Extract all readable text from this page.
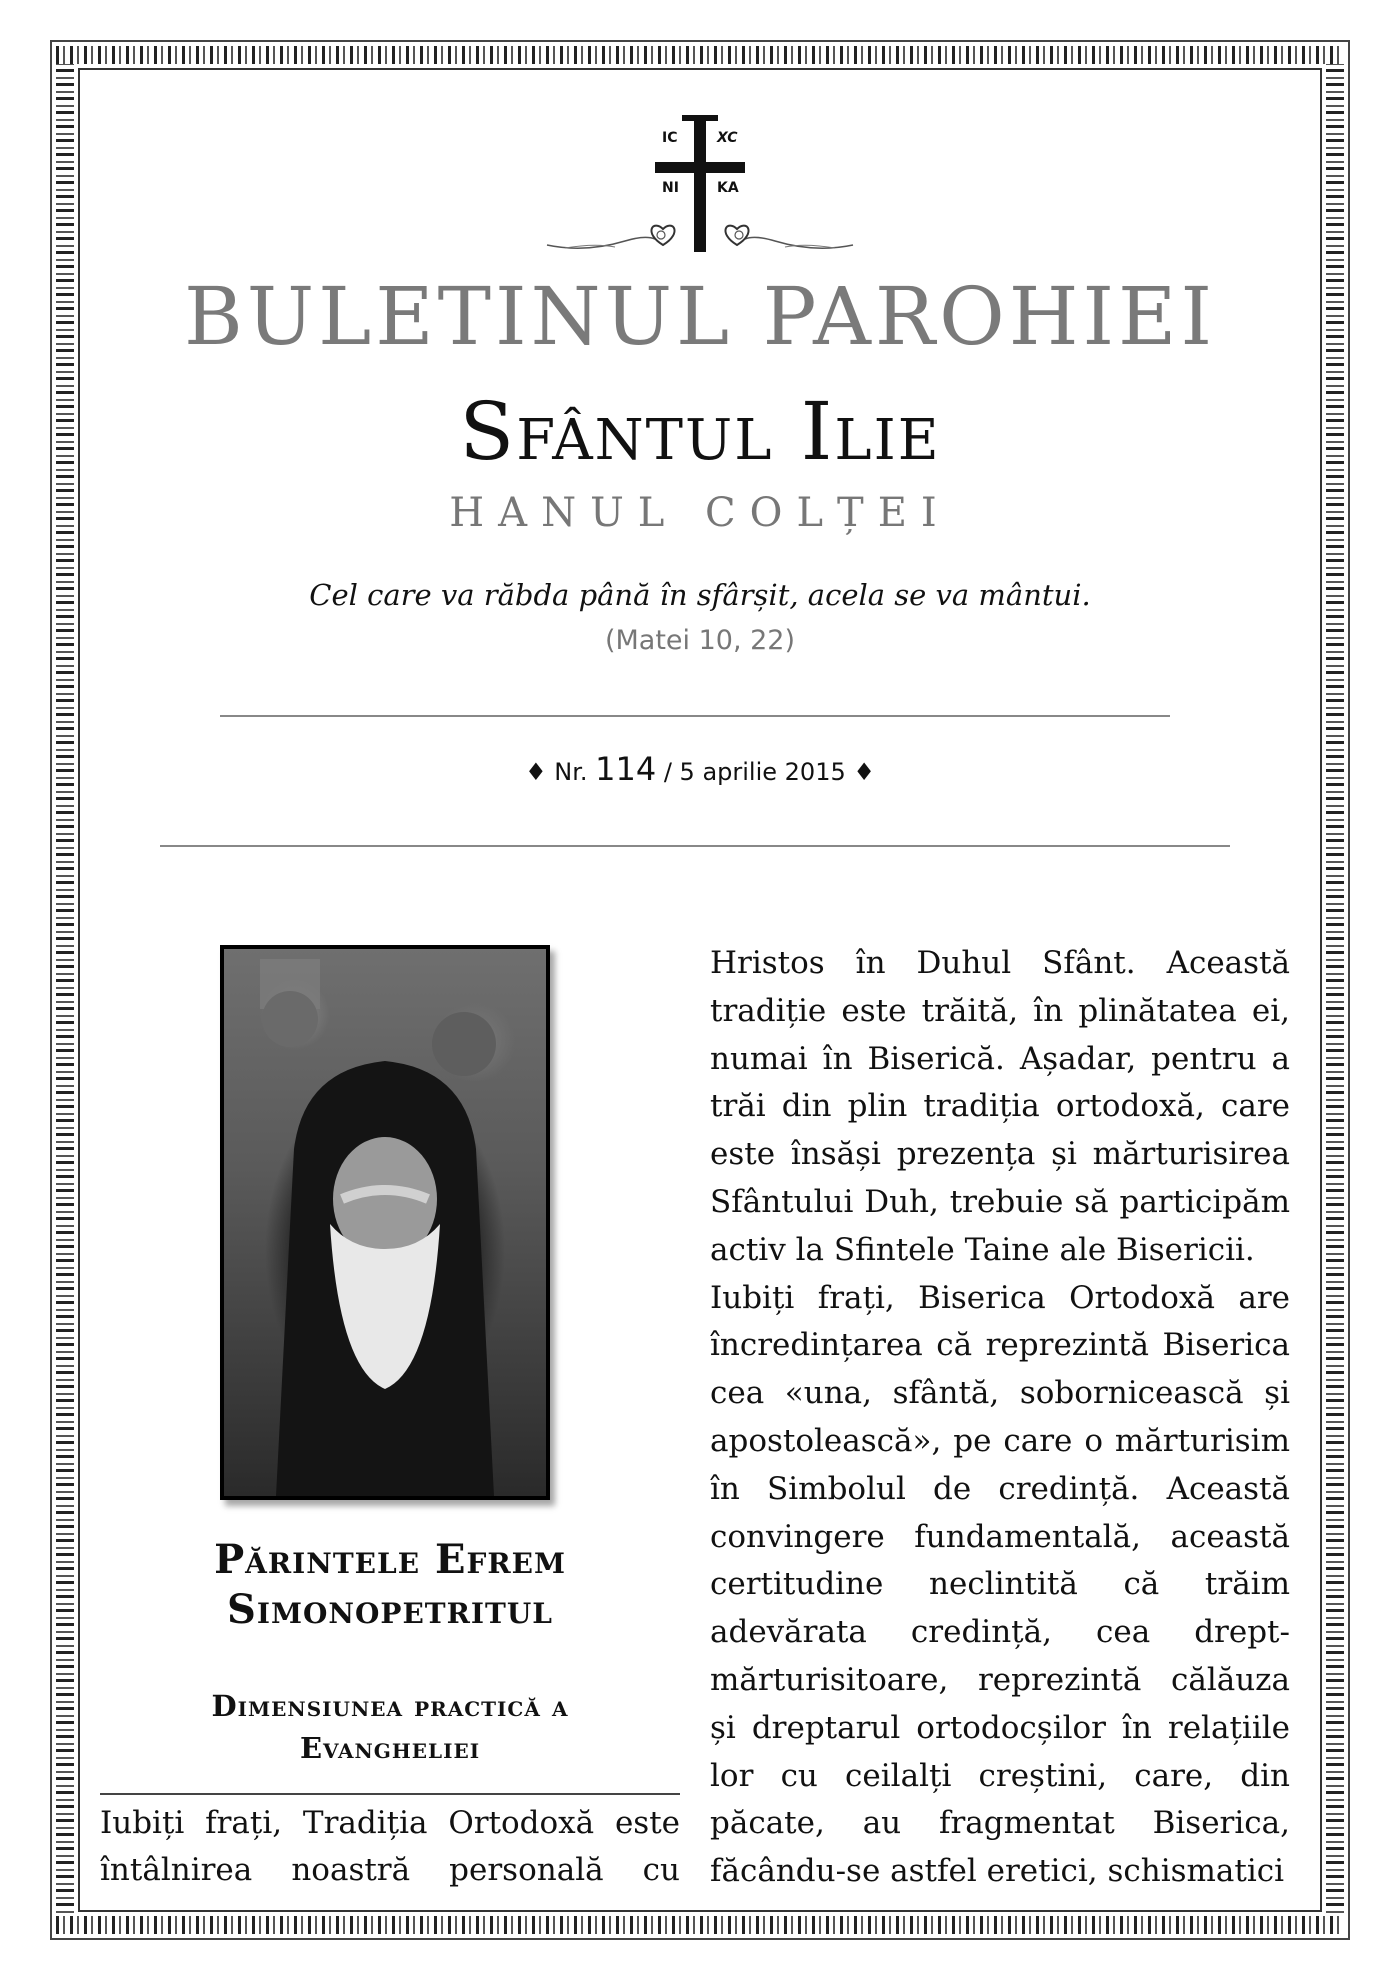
IC	XC
NI	KA
BULETINUL PAROHIEI
Sfântul Ilie
HANUL COLȚEI
Cel care va răbda până în sfârșit, acela se va mântui.
(Matei 10, 22)
♦ Nr. 114 / 5 aprilie 2015 ♦
Părintele Efrem
Simonopetritul
Dimensiunea practică a
Evangheliei
Iubiți frați, Tradiția Ortodoxă este
întâlnirea noastră personală cu
Hristos în Duhul Sfânt. Această
tradiție este trăită, în plinătatea ei,
numai în Biserică. Așadar, pentru a
trăi din plin tradiția ortodoxă, care
este însăși prezența și mărturisirea
Sfântului Duh, trebuie să participăm
activ la Sfintele Taine ale Bisericii.
Iubiți frați, Biserica Ortodoxă are
încredințarea că reprezintă Biserica
cea «una, sfântă, sobornicească și
apostolească», pe care o mărturisim
în Simbolul de credință. Această
convingere fundamentală, această
certitudine neclintită că trăim
adevărata credință, cea drept-
mărturisitoare, reprezintă călăuza
și dreptarul ortodocșilor în relațiile
lor cu ceilalți creștini, care, din
păcate, au fragmentat Biserica,
făcându-se astfel eretici, schismatici
